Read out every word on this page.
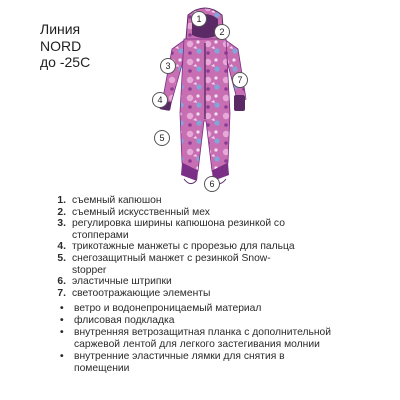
Линия
NORD
до -25С
1
2
3
4
5
6
7
1. съемный капюшон
2. съемный искусственный мех
3. регулировка ширины капюшона резинкой со стопперами
4. трикотажные манжеты с прорезью для пальца
5. снегозащитный манжет с резинкой Snow-stopper
6. эластичные штрипки
7. светоотражающие элементы
• ветро и водонепроницаемый материал
• флисовая подкладка
• внутренняя ветрозащитная планка с дополнительной саржевой лентой для легкого застегивания молнии
• внутренние эластичные лямки для снятия в помещении
